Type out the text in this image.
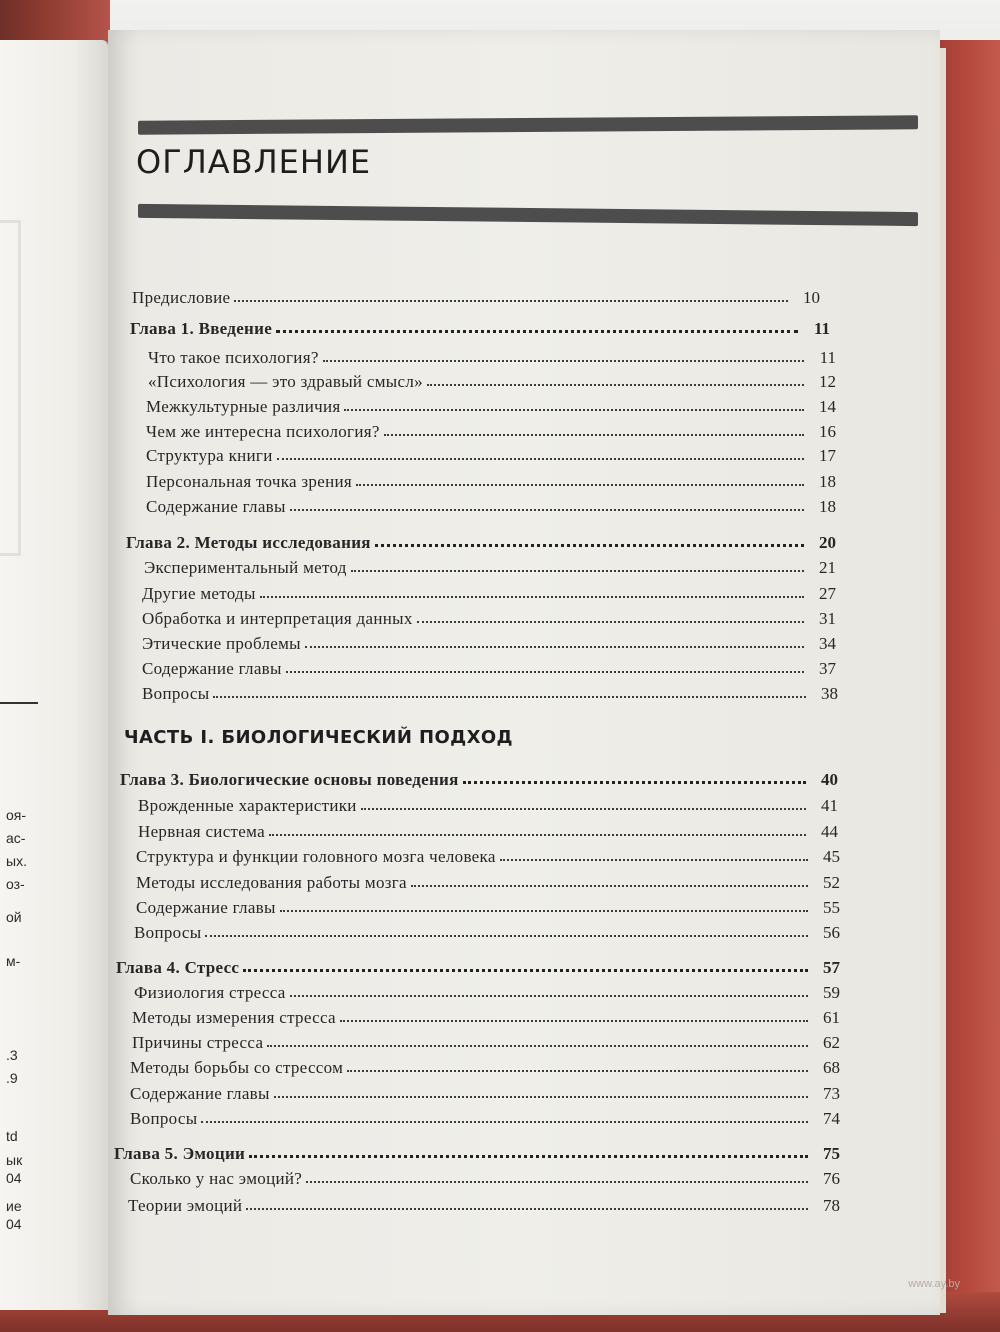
оя-
ас-
ых.
оз-
ой
м-
.3
.9
td
ык
04
ие
04
ОГЛАВЛЕНИЕ
ЧАСТЬ I. БИОЛОГИЧЕСКИЙ ПОДХОД
Предисловие	10
Глава 1. Введение	11
Что такое психология?	11
«Психология — это здравый смысл»	12
Межкультурные различия	14
Чем же интересна психология?	16
Структура книги	17
Персональная точка зрения	18
Содержание главы	18
Глава 2. Методы исследования	20
Экспериментальный метод	21
Другие методы	27
Обработка и интерпретация данных	31
Этические проблемы	34
Содержание главы	37
Вопросы	38
Глава 3. Биологические основы поведения	40
Врожденные характеристики	41
Нервная система	44
Структура и функции головного мозга человека	45
Методы исследования работы мозга	52
Содержание главы	55
Вопросы	56
Глава 4. Стресс	57
Физиология стресса	59
Методы измерения стресса	61
Причины стресса	62
Методы борьбы со стрессом	68
Содержание главы	73
Вопросы	74
Глава 5. Эмоции	75
Сколько у нас эмоций?	76
Теории эмоций	78
www.ay.by
